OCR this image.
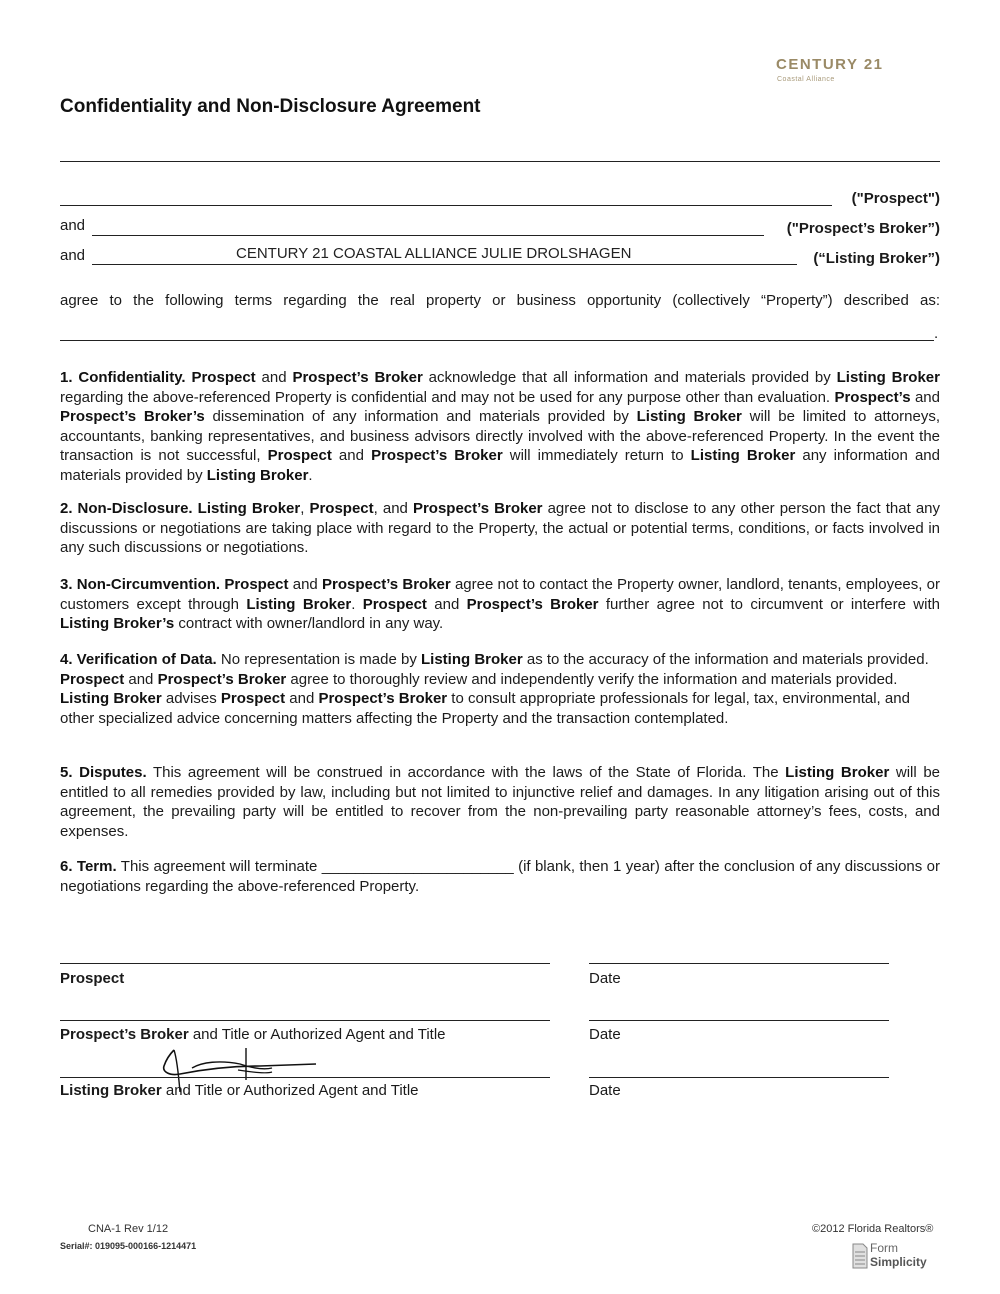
CENTURY 21
Coastal Alliance
Confidentiality and Non-Disclosure Agreement
("Prospect")
and	("Prospect’s Broker”)
and	CENTURY 21 COASTAL ALLIANCE JULIE DROLSHAGEN	(“Listing Broker”)
agree to the following terms regarding the real property or business opportunity (collectively “Property”) described as:
.
1. Confidentiality. Prospect and Prospect’s Broker acknowledge that all information and materials provided by Listing Broker regarding the above-referenced Property is confidential and may not be used for any purpose other than evaluation. Prospect’s and Prospect’s Broker’s dissemination of any information and materials provided by Listing Broker will be limited to attorneys, accountants, banking representatives, and business advisors directly involved with the above-referenced Property. In the event the transaction is not successful, Prospect and Prospect’s Broker will immediately return to Listing Broker any information and materials provided by Listing Broker.
2. Non-Disclosure. Listing Broker, Prospect, and Prospect’s Broker agree not to disclose to any other person the fact that any discussions or negotiations are taking place with regard to the Property, the actual or potential terms, conditions, or facts involved in any such discussions or negotiations.
3. Non-Circumvention. Prospect and Prospect’s Broker agree not to contact the Property owner, landlord, tenants, employees, or customers except through Listing Broker. Prospect and Prospect’s Broker further agree not to circumvent or interfere with Listing Broker’s contract with owner/landlord in any way.
4. Verification of Data. No representation is made by Listing Broker as to the accuracy of the information and materials provided. Prospect and Prospect’s Broker agree to thoroughly review and independently verify the information and materials provided. Listing Broker advises Prospect and Prospect’s Broker to consult appropriate professionals for legal, tax, environmental, and other specialized advice concerning matters affecting the Property and the transaction contemplated.
5. Disputes. This agreement will be construed in accordance with the laws of the State of Florida. The Listing Broker will be entitled to all remedies provided by law, including but not limited to injunctive relief and damages. In any litigation arising out of this agreement, the prevailing party will be entitled to recover from the non-prevailing party reasonable attorney’s fees, costs, and expenses.
6. Term. This agreement will terminate _______________________ (if blank, then 1 year) after the conclusion of any discussions or negotiations regarding the above-referenced Property.
Prospect	Date
Prospect’s Broker and Title or Authorized Agent and Title	Date
Listing Broker and Title or Authorized Agent and Title	Date
CNA-1 Rev 1/12	©2012 Florida Realtors®
Serial#: 019095-000166-1214471	Form
Simplicity
